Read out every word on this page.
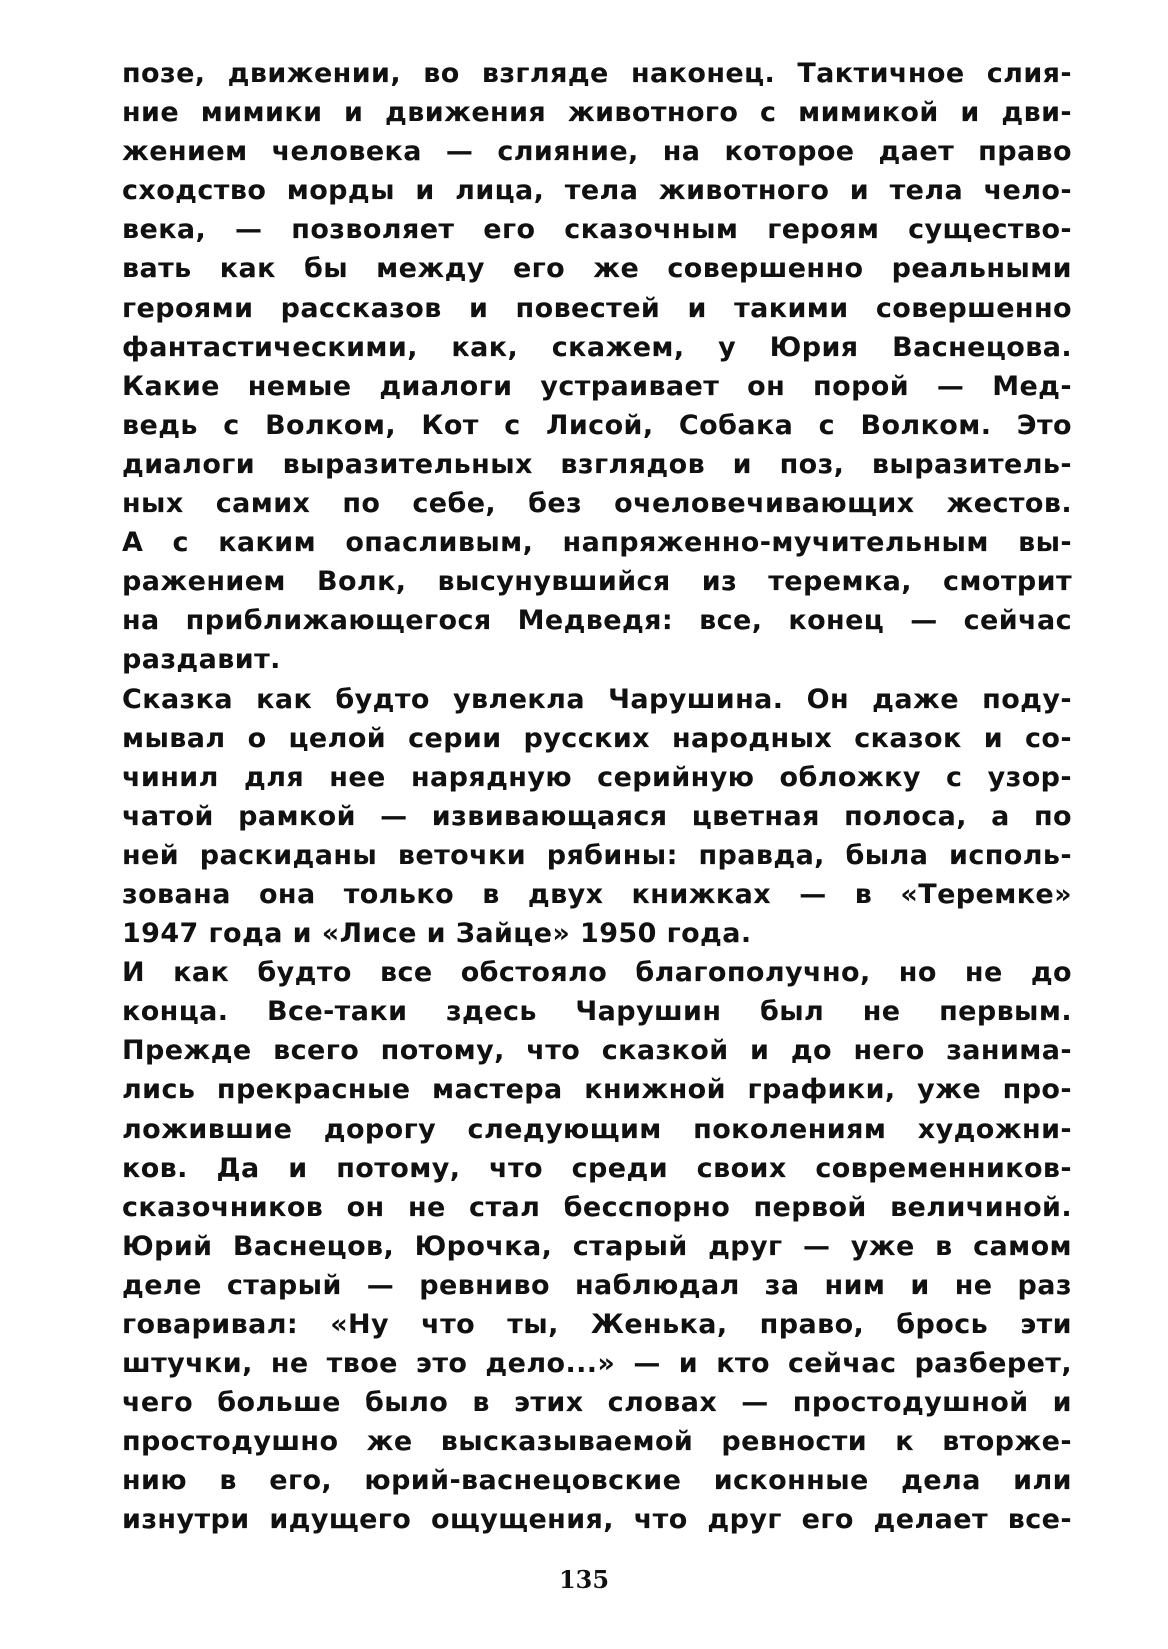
позе, движении, во взгляде наконец. Тактичное слия-
ние мимики и движения животного с мимикой и дви-
жением человека — слияние, на которое дает право
сходство морды и лица, тела животного и тела чело-
века, — позволяет его сказочным героям существо-
вать как бы между его же совершенно реальными
героями рассказов и повестей и такими совершенно
фантастическими, как, скажем, у Юрия Васнецова.
Какие немые диалоги устраивает он порой — Мед-
ведь с Волком, Кот с Лисой, Собака с Волком. Это
диалоги выразительных взглядов и поз, выразитель-
ных самих по себе, без очеловечивающих жестов.
А с каким опасливым, напряженно-мучительным вы-
ражением Волк, высунувшийся из теремка, смотрит
на приближающегося Медведя: все, конец — сейчас
раздавит.
Сказка как будто увлекла Чарушина. Он даже поду-
мывал о целой серии русских народных сказок и со-
чинил для нее нарядную серийную обложку с узор-
чатой рамкой — извивающаяся цветная полоса, а по
ней раскиданы веточки рябины: правда, была исполь-
зована она только в двух книжках — в «Теремке»
1947 года и «Лисе и Зайце» 1950 года.
И как будто все обстояло благополучно, но не до
конца. Все-таки здесь Чарушин был не первым.
Прежде всего потому, что сказкой и до него занима-
лись прекрасные мастера книжной графики, уже про-
ложившие дорогу следующим поколениям художни-
ков. Да и потому, что среди своих современников-
сказочников он не стал бесспорно первой величиной.
Юрий Васнецов, Юрочка, старый друг — уже в самом
деле старый — ревниво наблюдал за ним и не раз
говаривал: «Ну что ты, Женька, право, брось эти
штучки, не твое это дело...» — и кто сейчас разберет,
чего больше было в этих словах — простодушной и
простодушно же высказываемой ревности к вторже-
нию в его, юрий-васнецовские исконные дела или
изнутри идущего ощущения, что друг его делает все-
135
